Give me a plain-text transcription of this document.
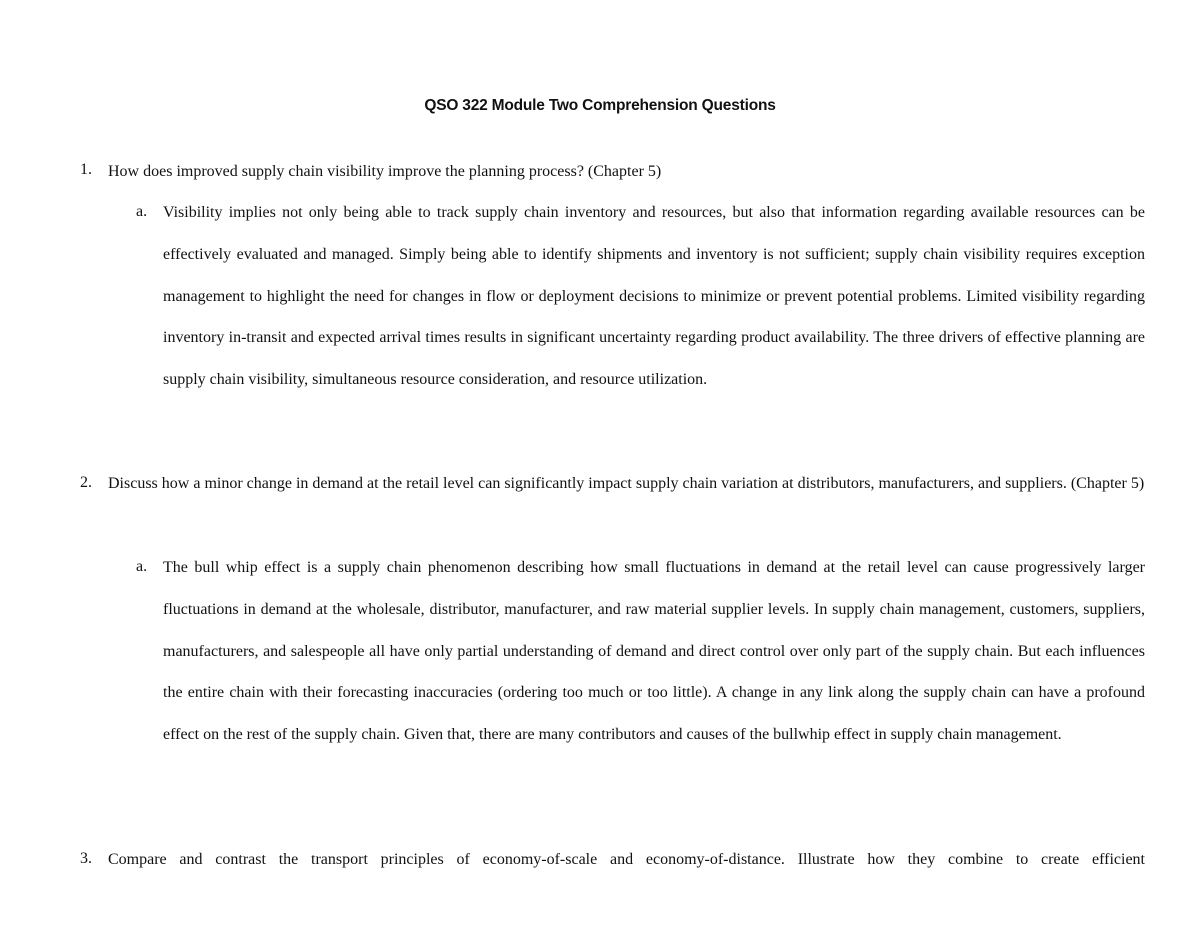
QSO 322 Module Two Comprehension Questions
1.	How does improved supply chain visibility improve the planning process? (Chapter 5)
a. Visibility implies not only being able to track supply chain inventory and resources, but also that information regarding available resources can be effectively evaluated and managed. Simply being able to identify shipments and inventory is not sufficient; supply chain visibility requires exception management to highlight the need for changes in flow or deployment decisions to minimize or prevent potential problems. Limited visibility regarding inventory in-transit and expected arrival times results in significant uncertainty regarding product availability. The three drivers of effective planning are supply chain visibility, simultaneous resource consideration, and resource utilization.
2.	Discuss how a minor change in demand at the retail level can significantly impact supply chain variation at distributors, manufacturers, and suppliers. (Chapter 5)
a. The bull whip effect is a supply chain phenomenon describing how small fluctuations in demand at the retail level can cause progressively larger fluctuations in demand at the wholesale, distributor, manufacturer, and raw material supplier levels. In supply chain management, customers, suppliers, manufacturers, and salespeople all have only partial understanding of demand and direct control over only part of the supply chain. But each influences the entire chain with their forecasting inaccuracies (ordering too much or too little). A change in any link along the supply chain can have a profound effect on the rest of the supply chain. Given that, there are many contributors and causes of the bullwhip effect in supply chain management.
3.	Compare and contrast the transport principles of economy-of-scale and economy-of-distance. Illustrate how they combine to create efficient
